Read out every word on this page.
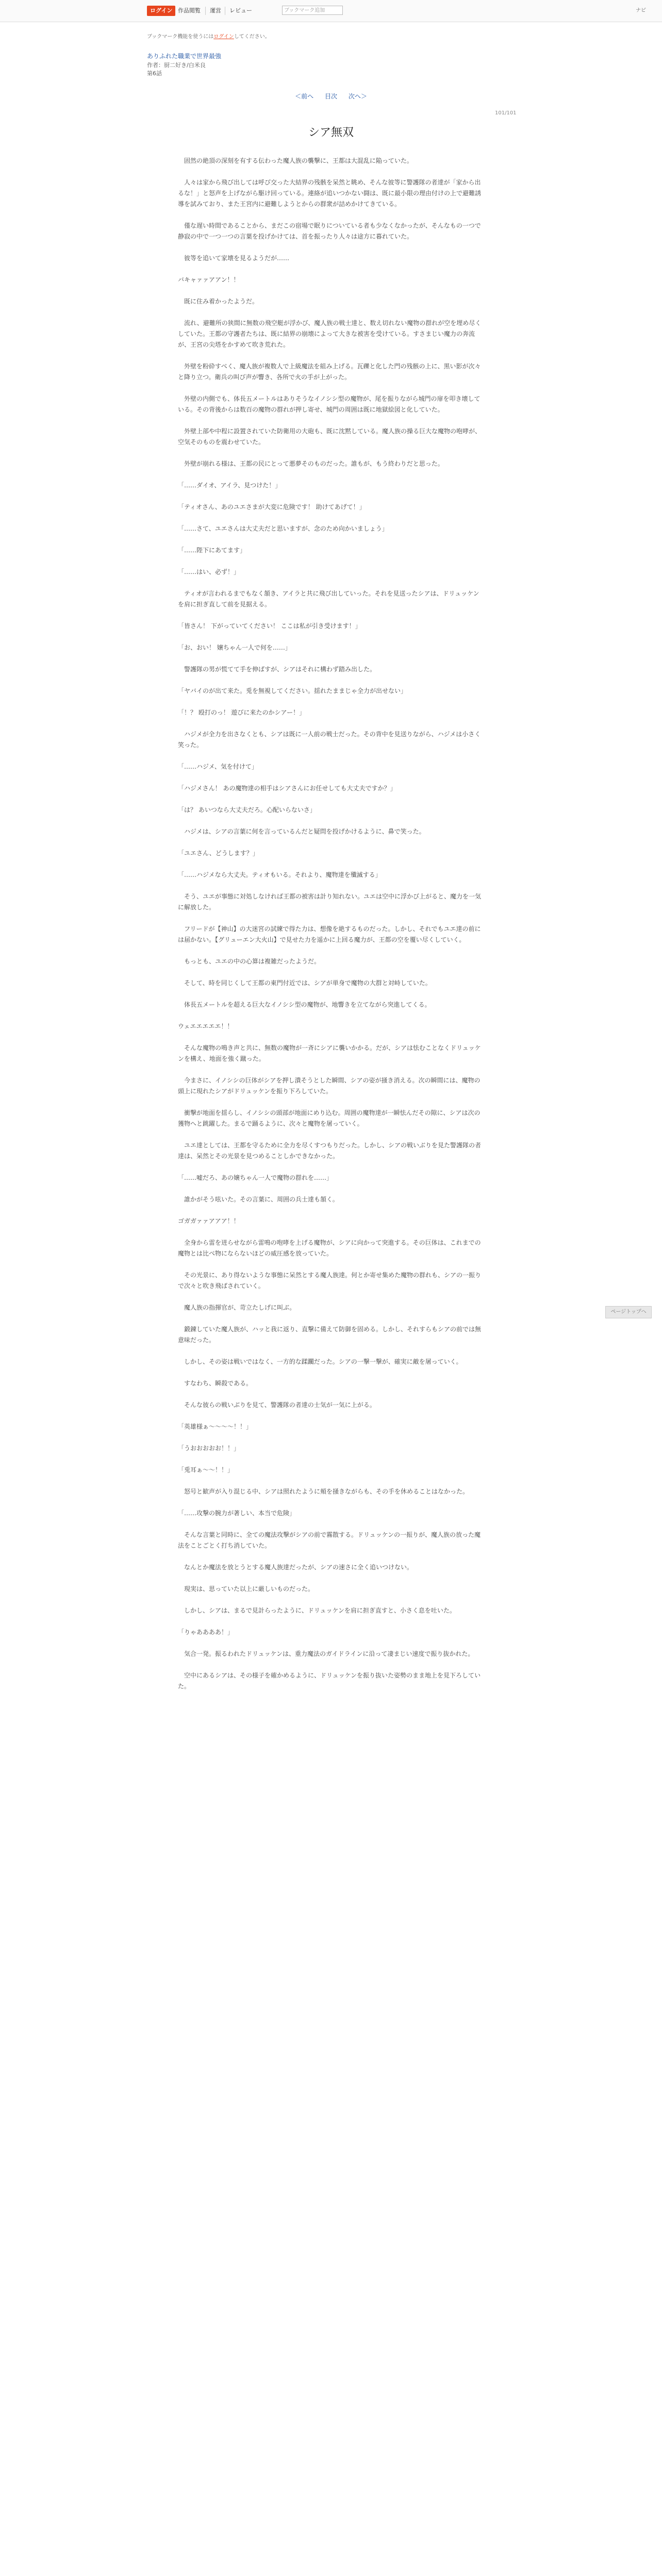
ログイン 作品閲覧 運営 レビュー	ブックマーク追加	ナビ
ブックマーク機能を使うにはログインしてください。
ありふれた職業で世界最強
作者：厨二好き/白米良
第6話
＜前へ 目次 次へ＞
101/101
シア無双

　固然の絶頂の深刻を有する伝わった魔人族の襲撃に、王都は大混乱に陥っていた。

　人々は家から飛び出しては呼び交った大結界の残骸を呆然と眺め、そんな彼等に警護隊の者達が「家から出るな！」と怒声を上げながら駆け回っている。連絡が追いつかない闘は、既に最小限の理由付けの上で避難誘導を試みており、また王宮内に避難しようとからの群衆が詰めかけてきている。

　僅な遅い時間であることから、まだこの宿場で眠りについている者も少なくなかったが、そんなもの一つで静寂の中で一つ一つの言葉を投げかけては、首を振ったり人々は途方に暮れていた。

　彼等を追いて家壊を見るようだが……

バキャァァアアン！！

　既に住み着かったようだ。

　流れ、避難所の狭間に無数の飛空艇が浮かび、魔人族の戦士達と、数え切れない魔物の群れが空を埋め尽くしていた。王都の守護者たちは、既に結界の崩壊によって大きな被害を受けている。すさまじい魔力の奔流が、王宮の尖塔をかすめて吹き荒れた。

　外壁を粉砕すべく、魔人族が複数人で上級魔法を組み上げる。瓦礫と化した門の残骸の上に、黒い影が次々と降り立つ。衛兵の叫び声が響き、各所で火の手が上がった。

　外壁の内側でも、体長五メートルはありそうなイノシシ型の魔物が、尾を振りながら城門の扉を叩き壊している。その背後からは数百の魔物の群れが押し寄せ、城門の周囲は既に地獄絵図と化していた。

　外壁上部や中程に設置されていた防衛用の大砲も、既に沈黙している。魔人族の操る巨大な魔物の咆哮が、空気そのものを震わせていた。

　外壁が崩れる様は、王都の民にとって悪夢そのものだった。誰もが、もう終わりだと思った。

「……ダイオ、アイラ、見つけた！」

「ティオさん、あのユエさまが大変に危険です！ 助けてあげて！」

「……さて、ユエさんは大丈夫だと思いますが、念のため向かいましょう」

「……陛下にあてます」

「……はい、必ず！」

　ティオが言われるまでもなく頷き、アイラと共に飛び出していった。それを見送ったシアは、ドリュッケンを肩に担ぎ直して前を見据える。

「皆さん！ 下がっていてください！ ここは私が引き受けます！」

「お、おい！ 嬢ちゃん一人で何を……」

　警護隊の男が慌てて手を伸ばすが、シアはそれに構わず踏み出した。

「ヤバイのが出て来た。兎を無視してください。揺れたままじゃ全力が出せない」

「！？ 殴打のっ！ 遊びに来たのかシアー！」

　ハジメが全力を出さなくとも、シアは既に一人前の戦士だった。その背中を見送りながら、ハジメは小さく笑った。

「……ハジメ、気を付けて」

「ハジメさん！ あの魔物達の相手はシアさんにお任せしても大丈夫ですか？」

「は？ あいつなら大丈夫だろ。心配いらないさ」

　ハジメは、シアの言葉に何を言っているんだと疑問を投げかけるように、鼻で笑った。

「ユエさん、どうします？」

「……ハジメなら大丈夫。ティオもいる。それより、魔物達を殲滅する」

　そう、ユエが事態に対処しなければ王都の被害は計り知れない。ユエは空中に浮かび上がると、魔力を一気に解放した。

　フリードが【神山】の大迷宮の試練で得た力は、想像を絶するものだった。しかし、それでもユエ達の前には届かない。【グリューエン大火山】で見せた力を遥かに上回る魔力が、王都の空を覆い尽くしていく。

　もっとも、ユエの中の心算は複雑だったようだ。

　そして、時を同じくして王都の東門付近では、シアが単身で魔物の大群と対峙していた。

　体長五メートルを超える巨大なイノシシ型の魔物が、地響きを立てながら突進してくる。

ウェエエエエエ！！

　そんな魔物の鳴き声と共に、無数の魔物が一斉にシアに襲いかかる。だが、シアは怯むことなくドリュッケンを構え、地面を強く蹴った。

　今まさに、イノシシの巨体がシアを押し潰そうとした瞬間、シアの姿が掻き消える。次の瞬間には、魔物の頭上に現れたシアがドリュッケンを振り下ろしていた。

　衝撃が地面を揺らし、イノシシの頭部が地面にめり込む。周囲の魔物達が一瞬怯んだその隙に、シアは次の獲物へと跳躍した。まるで踊るように、次々と魔物を屠っていく。

　ユエ達としては、王都を守るために全力を尽くすつもりだった。しかし、シアの戦いぶりを見た警護隊の者達は、呆然とその光景を見つめることしかできなかった。

「……嘘だろ、あの嬢ちゃん一人で魔物の群れを……」

　誰かがそう呟いた。その言葉に、周囲の兵士達も頷く。

ゴガガァァアアア！！

　全身から雷を迸らせながら雷鳴の咆哮を上げる魔物が、シアに向かって突進する。その巨体は、これまでの魔物とは比べ物にならないほどの威圧感を放っていた。

　その光景に、あり得ないような事態に呆然とする魔人族達。何とか寄せ集めた魔物の群れも、シアの一振りで次々と吹き飛ばされていく。

　魔人族の指揮官が、苛立たしげに叫ぶ。

　鍛錬していた魔人族が、ハッと我に返り、直撃に備えて防御を固める。しかし、それすらもシアの前では無意味だった。

　しかし、その姿は戦いではなく、一方的な蹂躙だった。シアの一撃一撃が、確実に敵を屠っていく。

　すなわち、瞬殺である。

　そんな彼らの戦いぶりを見て、警護隊の者達の士気が一気に上がる。

「英雄様ぁ〜〜〜〜！！」

「うおおおおお！！」

「兎耳ぁ〜〜！！」

　怒号と歓声が入り混じる中、シアは照れたように頬を掻きながらも、その手を休めることはなかった。

「……攻撃の腕力が著しい、本当で危険」

　そんな言葉と同時に、全ての魔法攻撃がシアの前で霧散する。ドリュッケンの一振りが、魔人族の放った魔法をことごとく打ち消していた。

　なんとか魔法を放とうとする魔人族達だったが、シアの速さに全く追いつけない。

　現実は、思っていた以上に厳しいものだった。

　しかし、シアは、まるで見計らったように、ドリュッケンを肩に担ぎ直すと、小さく息を吐いた。

「りゃああああ！」

　気合一発。振るわれたドリュッケンは、重力魔法のガイドラインに沿って凄まじい速度で振り抜かれた。

　空中にあるシアは、その様子を確かめるように、ドリュッケンを振り抜いた姿勢のまま地上を見下ろしていた。

ページトップへ
